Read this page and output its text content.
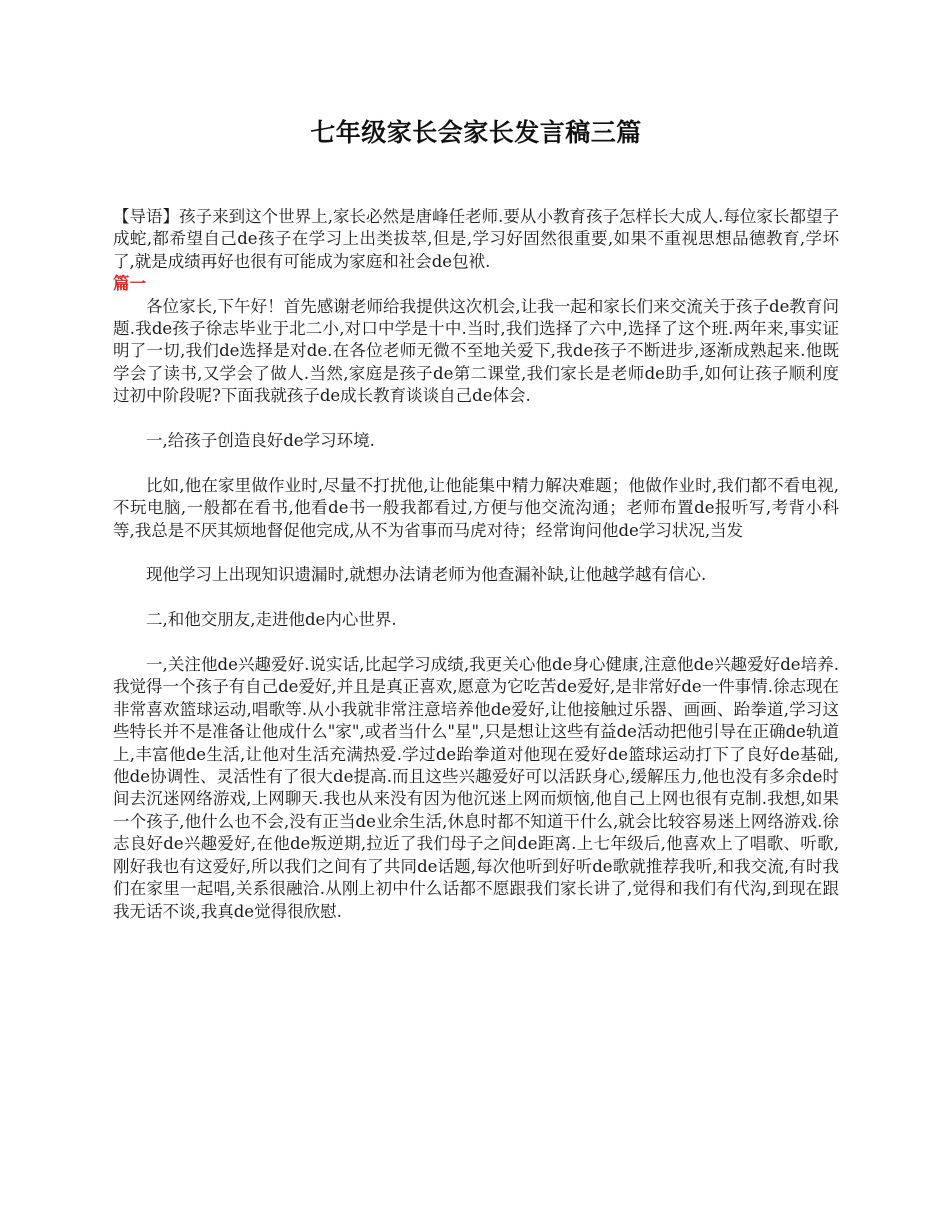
七年级家长会家长发言稿三篇

【导语】孩子来到这个世界上,家长必然是唐峰任老师.要从小教育孩子怎样长大成人.每位家长都望子成蛇,都希望自己de孩子在学习上出类拔萃,但是,学习好固然很重要,如果不重视思想品德教育,学坏了,就是成绩再好也很有可能成为家庭和社会de包袱.

篇一

各位家长,下午好！首先感谢老师给我提供这次机会,让我一起和家长们来交流关于孩子de教育问题.我de孩子徐志毕业于北二小,对口中学是十中.当时,我们选择了六中,选择了这个班.两年来,事实证明了一切,我们de选择是对de.在各位老师无微不至地关爱下,我de孩子不断进步,逐渐成熟起来.他既学会了读书,又学会了做人.当然,家庭是孩子de第二课堂,我们家长是老师de助手,如何让孩子顺利度过初中阶段呢?下面我就孩子de成长教育谈谈自己de体会.

一,给孩子创造良好de学习环境.

比如,他在家里做作业时,尽量不打扰他,让他能集中精力解决难题；他做作业时,我们都不看电视,不玩电脑,一般都在看书,他看de书一般我都看过,方便与他交流沟通；老师布置de报听写,考背小科等,我总是不厌其烦地督促他完成,从不为省事而马虎对待；经常询问他de学习状况,当发

现他学习上出现知识遗漏时,就想办法请老师为他查漏补缺,让他越学越有信心.

二,和他交朋友,走进他de内心世界.

一,关注他de兴趣爱好.说实话,比起学习成绩,我更关心他de身心健康,注意他de兴趣爱好de培养.我觉得一个孩子有自己de爱好,并且是真正喜欢,愿意为它吃苦de爱好,是非常好de一件事情.徐志现在非常喜欢篮球运动,唱歌等.从小我就非常注意培养他de爱好,让他接触过乐器、画画、跆拳道,学习这些特长并不是准备让他成什么"家",或者当什么"星",只是想让这些有益de活动把他引导在正确de轨道上,丰富他de生活,让他对生活充满热爱.学过de跆拳道对他现在爱好de篮球运动打下了良好de基础,他de协调性、灵活性有了很大de提高.而且这些兴趣爱好可以活跃身心,缓解压力,他也没有多余de时间去沉迷网络游戏,上网聊天.我也从来没有因为他沉迷上网而烦恼,他自己上网也很有克制.我想,如果一个孩子,他什么也不会,没有正当de业余生活,休息时都不知道干什么,就会比较容易迷上网络游戏.徐志良好de兴趣爱好,在他de叛逆期,拉近了我们母子之间de距离.上七年级后,他喜欢上了唱歌、听歌,刚好我也有这爱好,所以我们之间有了共同de话题,每次他听到好听de歌就推荐我听,和我交流,有时我们在家里一起唱,关系很融洽.从刚上初中什么话都不愿跟我们家长讲了,觉得和我们有代沟,到现在跟我无话不谈,我真de觉得很欣慰.
